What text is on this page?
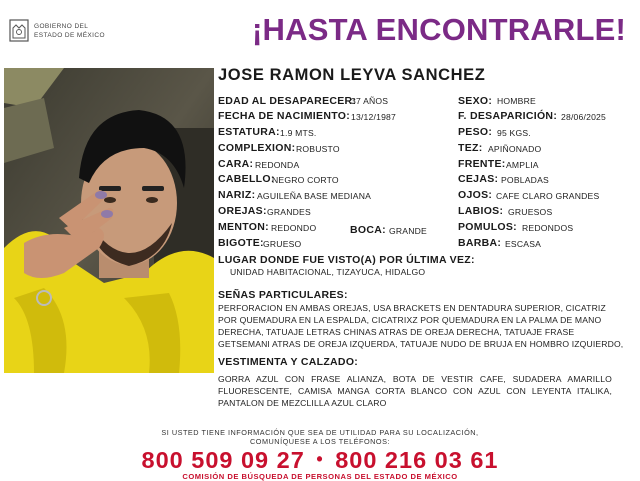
GOBIERNO DEL
ESTADO DE MÉXICO	¡HASTA ENCONTRARLE!
JOSE RAMON LEYVA SANCHEZ
EDAD AL DESAPARECER:
37 AÑOS
FECHA DE NACIMIENTO: 13/12/1987
ESTATURA: 1.9 MTS.
COMPLEXION: ROBUSTO
CARA: REDONDA
CABELLO:
NEGRO CORTO
NARIZ: AGUILEÑA BASE MEDIANA
OREJAS: GRANDES
MENTON: REDONDO	BOCA: GRANDE
BIGOTE: GRUESO
SEXO: HOMBRE
F. DESAPARICIÓN: 28/06/2025
PESO: 95 KGS.
TEZ: APIÑONADO
FRENTE: AMPLIA
CEJAS: POBLADAS
OJOS: CAFE CLARO GRANDES
LABIOS: GRUESOS
POMULOS: REDONDOS
BARBA: ESCASA
LUGAR DONDE FUE VISTO(A) POR ÚLTIMA VEZ:
UNIDAD HABITACIONAL, TIZAYUCA, HIDALGO
SEÑAS PARTICULARES:
PERFORACION EN AMBAS OREJAS, USA BRACKETS EN DENTADURA SUPERIOR, CICATRIZ POR QUEMADURA EN LA ESPALDA, CICATRIXZ POR QUEMADURA EN LA PALMA DE MANO DERECHA, TATUAJE LETRAS CHINAS ATRAS DE OREJA DERECHA, TATUAJE FRASE GETSEMANI ATRAS DE OREJA IZQUERDA, TATUAJE NUDO DE BRUJA EN HOMBRO IZQUIERDO,
VESTIMENTA Y CALZADO:
GORRA AZUL CON FRASE ALIANZA, BOTA DE VESTIR CAFE, SUDADERA AMARILLO FLUORESCENTE, CAMISA MANGA CORTA BLANCO CON AZUL CON LEYENTA ITALIKA, PANTALON DE MEZCLILLA AZUL CLARO
SI USTED TIENE INFORMACIÓN QUE SEA DE UTILIDAD PARA SU LOCALIZACIÓN,
COMUNÍQUESE A LOS TELÉFONOS:
800 509 09 27 • 800 216 03 61
COMISIÓN DE BÚSQUEDA DE PERSONAS DEL ESTADO DE MÉXICO
